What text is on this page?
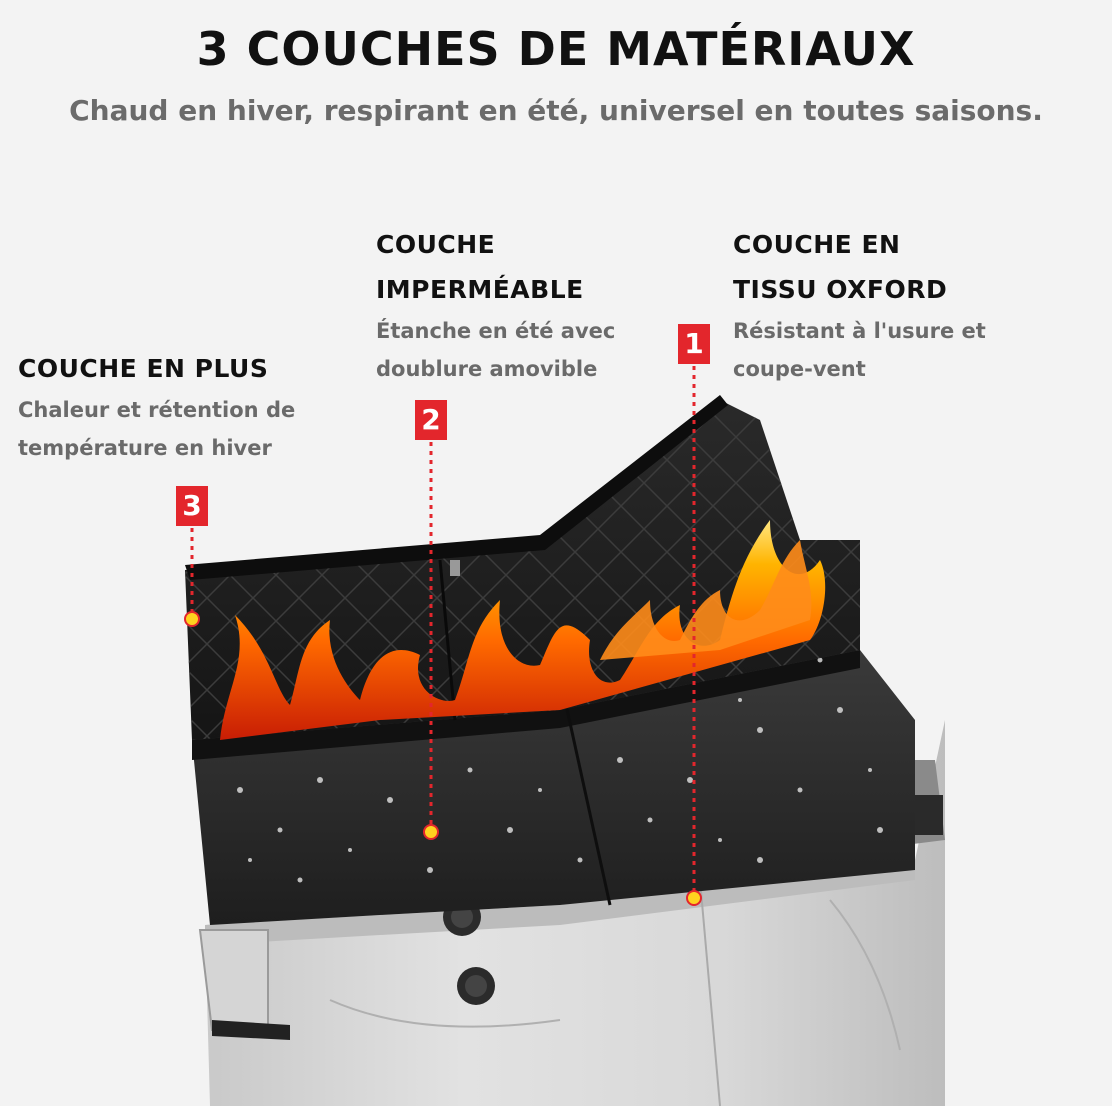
3 COUCHES DE MATÉRIAUX
Chaud en hiver, respirant en été, universel en toutes saisons.
COUCHE EN
TISSU OXFORD
Résistant à l'usure et
coupe-vent
1
COUCHE
IMPERMÉABLE
Étanche en été avec
doublure amovible
2
COUCHE EN PLUS
Chaleur et rétention de
température en hiver
3
